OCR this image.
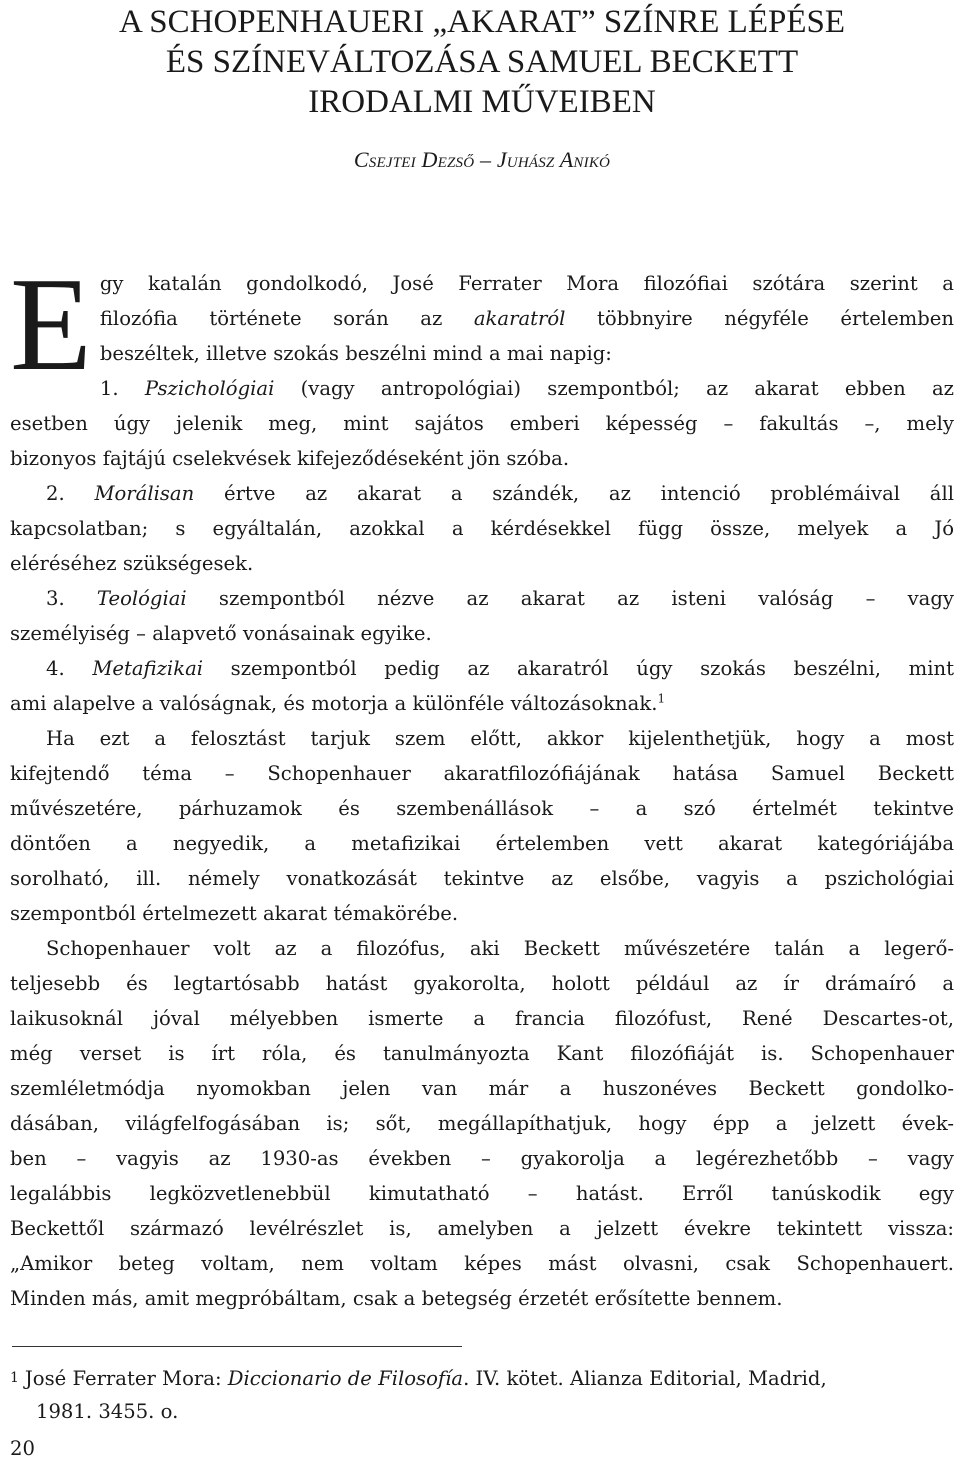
A SCHOPENHAUERI „AKARAT” SZÍNRE LÉPÉSE
ÉS SZÍNEVÁLTOZÁSA SAMUEL BECKETT
IRODALMI MŰVEIBEN
Csejtei Dezső – Juhász Anikó
E gy katalán gondolkodó, José Ferrater Mora filozófiai szótára szerint a
filozófia története során az akaratról többnyire négyféle értelemben
beszéltek, illetve szokás beszélni mind a mai napig:
1. Pszichológiai (vagy antropológiai) szempontból; az akarat ebben az
esetben úgy jelenik meg, mint sajátos emberi képesség – fakultás –, mely
bizonyos fajtájú cselekvések kifejeződéseként jön szóba.
2. Morálisan értve az akarat a szándék, az intenció problémáival áll
kapcsolatban; s egyáltalán, azokkal a kérdésekkel függ össze, melyek a Jó
eléréséhez szükségesek.
3. Teológiai szempontból nézve az akarat az isteni valóság – vagy
személyiség – alapvető vonásainak egyike.
4. Metafizikai szempontból pedig az akaratról úgy szokás beszélni, mint
ami alapelve a valóságnak, és motorja a különféle változásoknak.$^1$
Ha ezt a felosztást tarjuk szem előtt, akkor kijelenthetjük, hogy a most
kifejtendő téma – Schopenhauer akaratfilozófiájának hatása Samuel Beckett
művészetére, párhuzamok és szembenállások – a szó értelmét tekintve
döntően a negyedik, a metafizikai értelemben vett akarat kategóriájába
sorolható, ill. némely vonatkozását tekintve az elsőbe, vagyis a pszichológiai
szempontból értelmezett akarat témakörébe.
Schopenhauer volt az a filozófus, aki Beckett művészetére talán a legerő-
teljesebb és legtartósabb hatást gyakorolta, holott például az ír drámaíró a
laikusoknál jóval mélyebben ismerte a francia filozófust, René Descartes-ot,
még verset is írt róla, és tanulmányozta Kant filozófiáját is. Schopenhauer
szemléletmódja nyomokban jelen van már a huszonéves Beckett gondolko-
dásában, világfelfogásában is; sőt, megállapíthatjuk, hogy épp a jelzett évek-
ben – vagyis az 1930-as években – gyakorolja a legérezhetőbb – vagy
legalábbis legközvetlenebbül kimutatható – hatást. Erről tanúskodik egy
Beckettől származó levélrészlet is, amelyben a jelzett évekre tekintett vissza:
„Amikor beteg voltam, nem voltam képes mást olvasni, csak Schopenhauert.
Minden más, amit megpróbáltam, csak a betegség érzetét erősítette bennem.
$^1$ José Ferrater Mora: Diccionario de Filosofía. IV. kötet. Alianza Editorial, Madrid,
1981. 3455. o.
20
